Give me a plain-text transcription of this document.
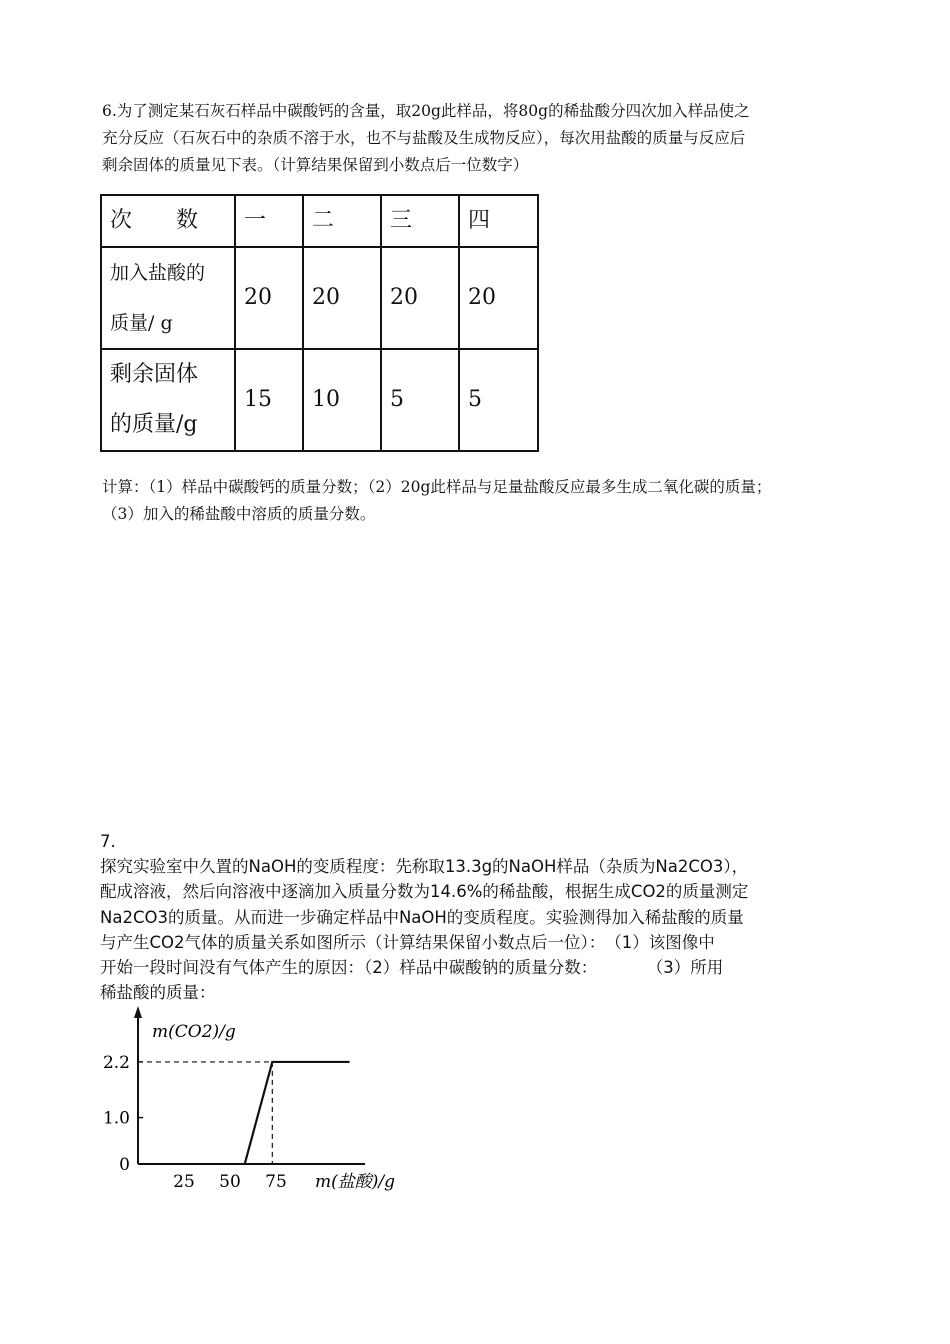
6.为了测定某石灰石样品中碳酸钙的含量，取20g此样品，将80g的稀盐酸分四次加入样品使之

充分反应（石灰石中的杂质不溶于水，也不与盐酸及生成物反应），每次用盐酸的质量与反应后

剩余固体的质量见下表。（计算结果保留到小数点后一位数字）

次　　数	一	二	三	四

加入盐酸的
质量/ g	20	20	20	20

剩余固体
的质量/g	15	10	5	5
计算：（1）样品中碳酸钙的质量分数；（2）20g此样品与足量盐酸反应最多生成二氧化碳的质量；
（3）加入的稀盐酸中溶质的质量分数。

7.

探究实验室中久置的NaOH的变质程度：先称取13.3g的NaOH样品（杂质为Na2CO3），

配成溶液，然后向溶液中逐滴加入质量分数为14.6%的稀盐酸，根据生成CO2的质量测定

Na2CO3的质量。从而进一步确定样品中NaOH的变质程度。实验测得加入稀盐酸的质量

与产生CO2气体的质量关系如图所示（计算结果保留小数点后一位）：　（1）该图像中

开始一段时间没有气体产生的原因：（2）样品中碳酸钠的质量分数：　　　　（3）所用

稀盐酸的质量：

0
1.0
2.2
25 50 75
m(CO2)/g
m(盐酸)/g
